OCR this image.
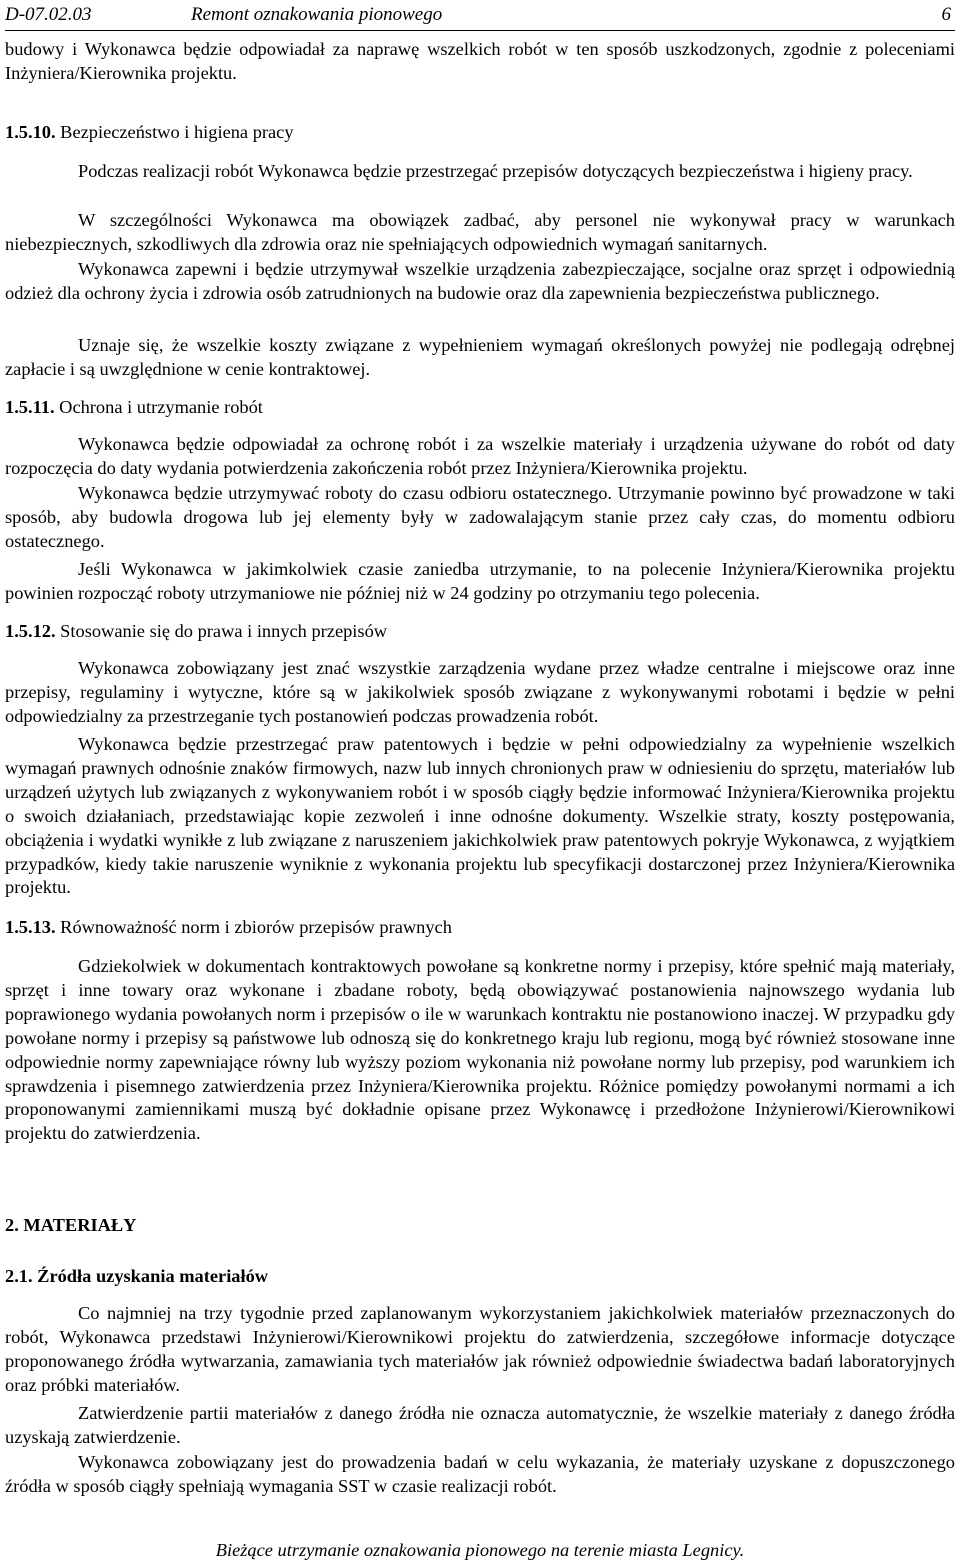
D-07.02.03	Remont oznakowania pionowego	6

budowy i Wykonawca będzie odpowiadał za naprawę wszelkich robót w ten sposób uszkodzonych, zgodnie z poleceniami Inżyniera/Kierownika projektu.

1.5.10. Bezpieczeństwo i higiena pracy

Podczas realizacji robót Wykonawca będzie przestrzegać przepisów dotyczących bezpieczeństwa i higieny pracy.

W szczególności Wykonawca ma obowiązek zadbać, aby personel nie wykonywał pracy w warunkach niebezpiecznych, szkodliwych dla zdrowia oraz nie spełniających odpowiednich wymagań sanitarnych.

Wykonawca zapewni i będzie utrzymywał wszelkie urządzenia zabezpieczające, socjalne oraz sprzęt i odpowiednią odzież dla ochrony życia i zdrowia osób zatrudnionych na budowie oraz dla zapewnienia bezpieczeństwa publicznego.

Uznaje się, że wszelkie koszty związane z wypełnieniem wymagań określonych powyżej nie podlegają odrębnej zapłacie i są uwzględnione w cenie kontraktowej.

1.5.11. Ochrona i utrzymanie robót

Wykonawca będzie odpowiadał za ochronę robót i za wszelkie materiały i urządzenia używane do robót od daty rozpoczęcia do daty wydania potwierdzenia zakończenia robót przez Inżyniera/Kierownika projektu.

Wykonawca będzie utrzymywać roboty do czasu odbioru ostatecznego. Utrzymanie powinno być prowadzone w taki sposób, aby budowla drogowa lub jej elementy były w zadowalającym stanie przez cały czas, do momentu odbioru ostatecznego.

Jeśli Wykonawca w jakimkolwiek czasie zaniedba utrzymanie, to na polecenie Inżyniera/Kierownika projektu powinien rozpocząć roboty utrzymaniowe nie później niż w 24 godziny po otrzymaniu tego polecenia.

1.5.12. Stosowanie się do prawa i innych przepisów

Wykonawca zobowiązany jest znać wszystkie zarządzenia wydane przez władze centralne i miejscowe oraz inne przepisy, regulaminy i wytyczne, które są w jakikolwiek sposób związane z wykonywanymi robotami i będzie w pełni odpowiedzialny za przestrzeganie tych postanowień podczas prowadzenia robót.

Wykonawca będzie przestrzegać praw patentowych i będzie w pełni odpowiedzialny za wypełnienie wszelkich wymagań prawnych odnośnie znaków firmowych, nazw lub innych chronionych praw w odniesieniu do sprzętu, materiałów lub urządzeń użytych lub związanych z wykonywaniem robót i w sposób ciągły będzie informować Inżyniera/Kierownika projektu o swoich działaniach, przedstawiając kopie zezwoleń i inne odnośne dokumenty. Wszelkie straty, koszty postępowania, obciążenia i wydatki wynikłe z lub związane z naruszeniem jakichkolwiek praw patentowych pokryje Wykonawca, z wyjątkiem przypadków, kiedy takie naruszenie wyniknie z wykonania projektu lub specyfikacji dostarczonej przez Inżyniera/Kierownika projektu.

1.5.13. Równoważność norm i zbiorów przepisów prawnych

Gdziekolwiek w dokumentach kontraktowych powołane są konkretne normy i przepisy, które spełnić mają materiały, sprzęt i inne towary oraz wykonane i zbadane roboty, będą obowiązywać postanowienia najnowszego wydania lub poprawionego wydania powołanych norm i przepisów o ile w warunkach kontraktu nie postanowiono inaczej. W przypadku gdy powołane normy i przepisy są państwowe lub odnoszą się do konkretnego kraju lub regionu, mogą być również stosowane inne odpowiednie normy zapewniające równy lub wyższy poziom wykonania niż powołane normy lub przepisy, pod warunkiem ich sprawdzenia i pisemnego zatwierdzenia przez Inżyniera/Kierownika projektu. Różnice pomiędzy powołanymi normami a ich proponowanymi zamiennikami muszą być dokładnie opisane przez Wykonawcę i przedłożone Inżynierowi/Kierownikowi projektu do zatwierdzenia.

2. MATERIAŁY
2.1. Źródła uzyskania materiałów

Co najmniej na trzy tygodnie przed zaplanowanym wykorzystaniem jakichkolwiek materiałów przeznaczonych do robót, Wykonawca przedstawi Inżynierowi/Kierownikowi projektu do zatwierdzenia, szczegółowe informacje dotyczące proponowanego źródła wytwarzania, zamawiania tych materiałów jak również odpowiednie świadectwa badań laboratoryjnych oraz próbki materiałów.

Zatwierdzenie partii materiałów z danego źródła nie oznacza automatycznie, że wszelkie materiały z danego źródła uzyskają zatwierdzenie.

Wykonawca zobowiązany jest do prowadzenia badań w celu wykazania, że materiały uzyskane z dopuszczonego źródła w sposób ciągły spełniają wymagania SST w czasie realizacji robót.

Bieżące utrzymanie oznakowania pionowego na terenie miasta Legnicy.
